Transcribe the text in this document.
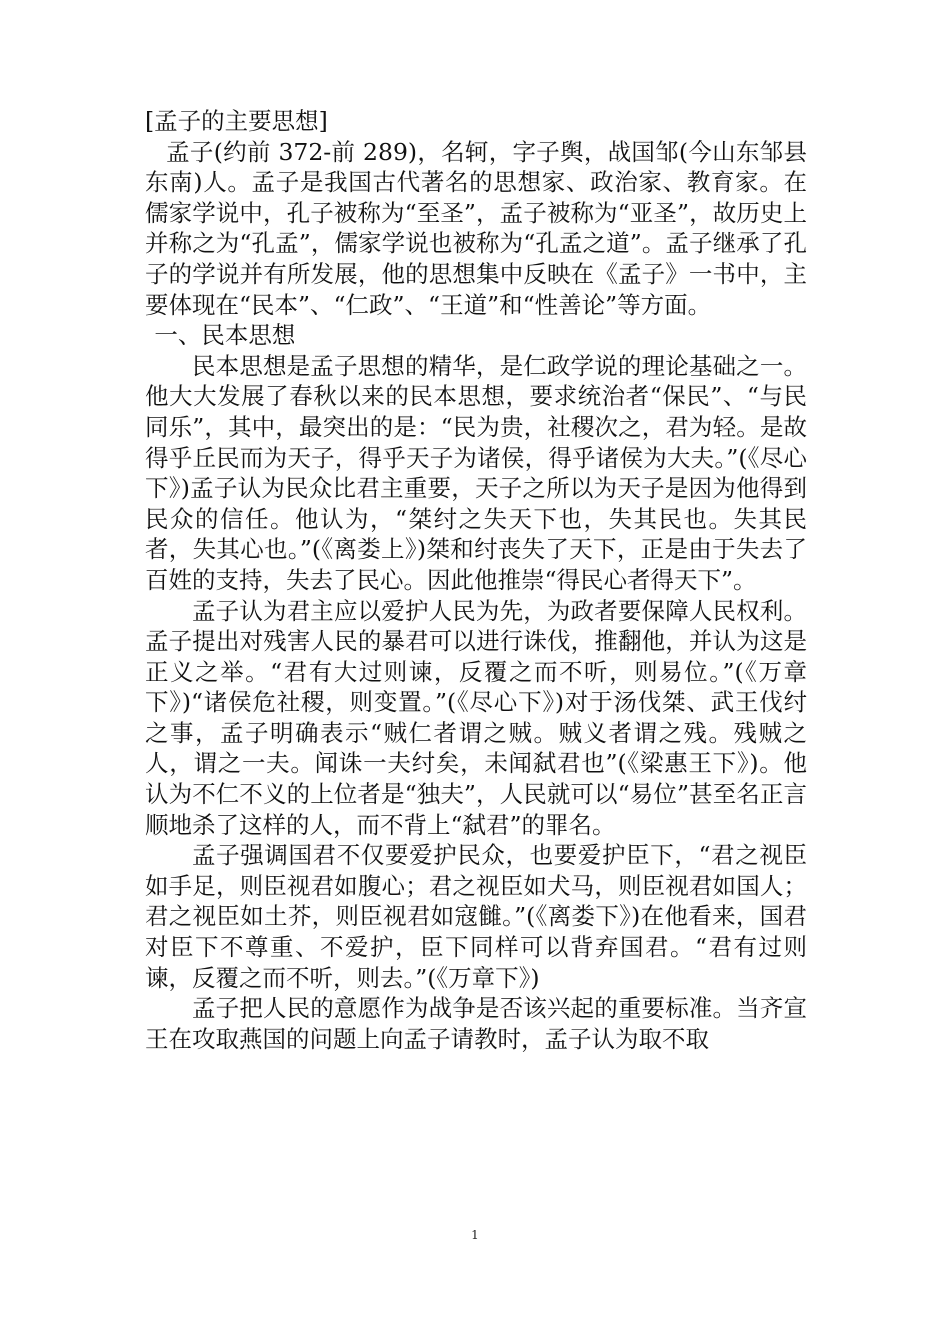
[孟子的主要思想]

孟子(约前 372-前 289)，名轲，字子舆，战国邹(今山东邹县东南)人。孟子是我国古代著名的思想家、政治家、教育家。在儒家学说中，孔子被称为“至圣”，孟子被称为“亚圣”，故历史上并称之为“孔孟”，儒家学说也被称为“孔孟之道”。孟子继承了孔子的学说并有所发展，他的思想集中反映在《孟子》一书中，主要体现在“民本”、“仁政”、“王道”和“性善论”等方面。

一、民本思想

民本思想是孟子思想的精华，是仁政学说的理论基础之一。他大大发展了春秋以来的民本思想，要求统治者“保民”、“与民同乐”，其中，最突出的是：“民为贵，社稷次之，君为轻。是故得乎丘民而为天子，得乎天子为诸侯，得乎诸侯为大夫。”(《尽心下》)孟子认为民众比君主重要，天子之所以为天子是因为他得到民众的信任。他认为，“桀纣之失天下也，失其民也。失其民者，失其心也。”(《离娄上》)桀和纣丧失了天下，正是由于失去了百姓的支持，失去了民心。因此他推崇“得民心者得天下”。

孟子认为君主应以爱护人民为先，为政者要保障人民权利。孟子提出对残害人民的暴君可以进行诛伐，推翻他，并认为这是正义之举。“君有大过则谏，反覆之而不听，则易位。”(《万章下》)“诸侯危社稷，则变置。”(《尽心下》)对于汤伐桀、武王伐纣之事，孟子明确表示“贼仁者谓之贼。贼义者谓之残。残贼之人，谓之一夫。闻诛一夫纣矣，未闻弑君也”(《梁惠王下》)。他认为不仁不义的上位者是“独夫”，人民就可以“易位”甚至名正言顺地杀了这样的人，而不背上“弑君”的罪名。

孟子强调国君不仅要爱护民众，也要爱护臣下，“君之视臣如手足，则臣视君如腹心；君之视臣如犬马，则臣视君如国人；君之视臣如土芥，则臣视君如寇雠。”(《离娄下》)在他看来，国君对臣下不尊重、不爱护，臣下同样可以背弃国君。“君有过则谏，反覆之而不听，则去。”(《万章下》)

孟子把人民的意愿作为战争是否该兴起的重要标准。当齐宣王在攻取燕国的问题上向孟子请教时，孟子认为取不取

1
